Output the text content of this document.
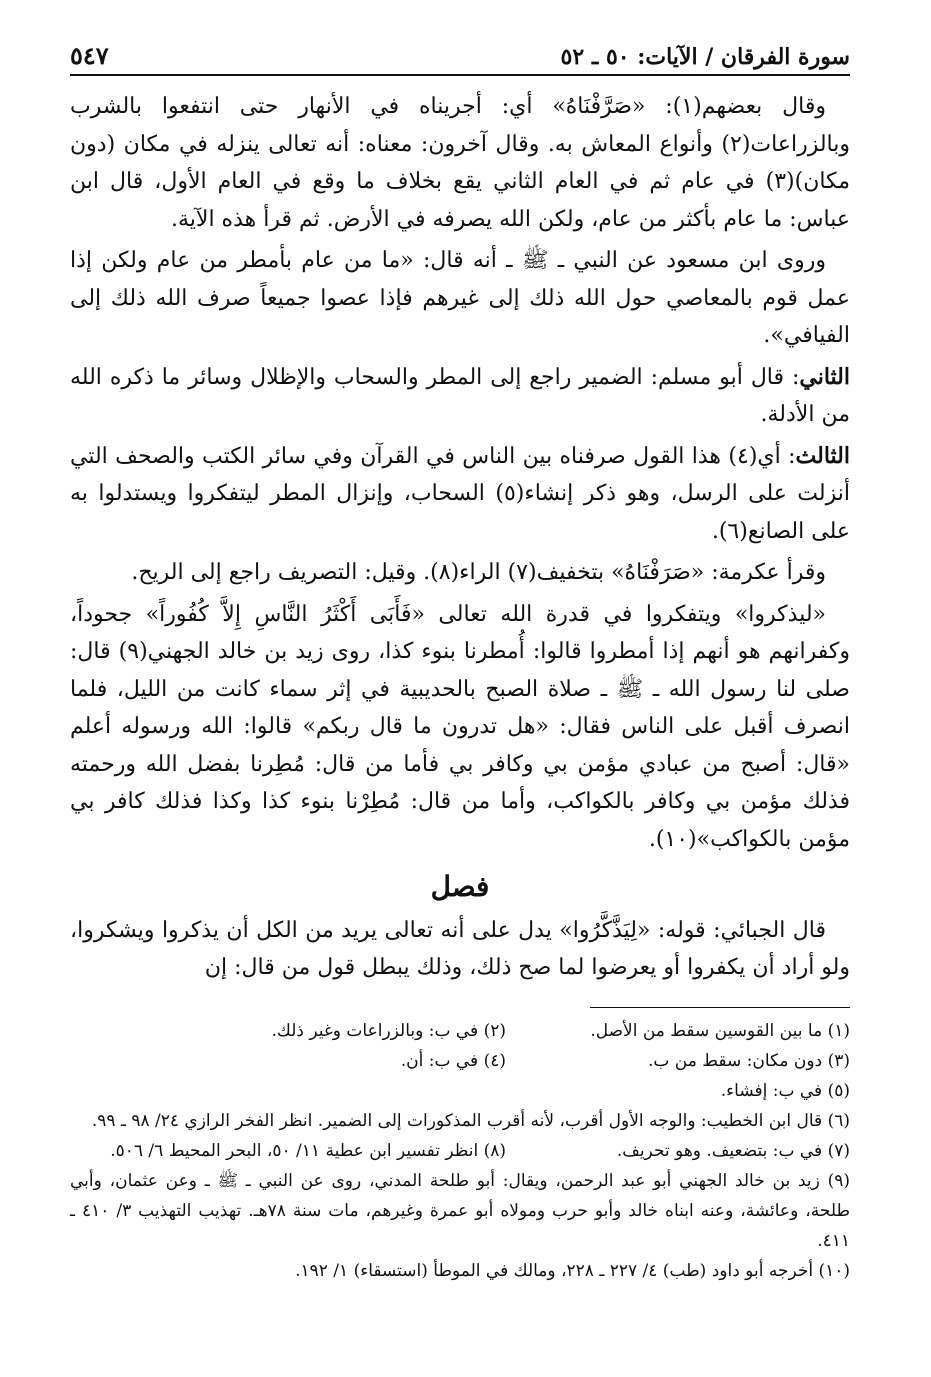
سورة الفرقان / الآيات: ٥٠ ـ ٥٢
٥٤٧

وقال بعضهم(١): «صَرَّفْنَاهُ» أي: أجريناه في الأنهار حتى انتفعوا بالشرب وبالزراعات(٢) وأنواع المعاش به. وقال آخرون: معناه: أنه تعالى ينزله في مكان (دون مكان)(٣) في عام ثم في العام الثاني يقع بخلاف ما وقع في العام الأول، قال ابن عباس: ما عام بأكثر من عام، ولكن الله يصرفه في الأرض. ثم قرأ هذه الآية.

وروى ابن مسعود عن النبي ـ ﷺ ـ أنه قال: «ما من عام بأمطر من عام ولكن إذا عمل قوم بالمعاصي حول الله ذلك إلى غيرهم فإذا عصوا جميعاً صرف الله ذلك إلى الفيافي».

الثاني: قال أبو مسلم: الضمير راجع إلى المطر والسحاب والإظلال وسائر ما ذكره الله من الأدلة.

الثالث: أي(٤) هذا القول صرفناه بين الناس في القرآن وفي سائر الكتب والصحف التي أنزلت على الرسل، وهو ذكر إنشاء(٥) السحاب، وإنزال المطر ليتفكروا ويستدلوا به على الصانع(٦).

وقرأ عكرمة: «صَرَفْنَاهُ» بتخفيف(٧) الراء(٨). وقيل: التصريف راجع إلى الريح.

«ليذكروا» ويتفكروا في قدرة الله تعالى «فَأَبَى أَكْثَرُ النَّاسِ إِلاَّ كُفُوراً» جحوداً، وكفرانهم هو أنهم إذا أمطروا قالوا: أُمطرنا بنوء كذا، روى زيد بن خالد الجهني(٩) قال: صلى لنا رسول الله ـ ﷺ ـ صلاة الصبح بالحديبية في إثر سماء كانت من الليل، فلما انصرف أقبل على الناس فقال: «هل تدرون ما قال ربكم» قالوا: الله ورسوله أعلم «قال: أصبح من عبادي مؤمن بي وكافر بي فأما من قال: مُطِرنا بفضل الله ورحمته فذلك مؤمن بي وكافر بالكواكب، وأما من قال: مُطِرْنا بنوء كذا وكذا فذلك كافر بي مؤمن بالكواكب»(١٠).

فصل

قال الجبائي: قوله: «لِيَذَّكَّرُوا» يدل على أنه تعالى يريد من الكل أن يذكروا ويشكروا، ولو أراد أن يكفروا أو يعرضوا لما صح ذلك، وذلك يبطل قول من قال: إن

(١) ما بين القوسين سقط من الأصل.

(٢) في ب: وبالزراعات وغير ذلك.

(٣) دون مكان: سقط من ب.

(٤) في ب: أن.

(٥) في ب: إفشاء.

(٦) قال ابن الخطيب: والوجه الأول أقرب، لأنه أقرب المذكورات إلى الضمير. انظر الفخر الرازي ٢٤/ ٩٨ ـ ٩٩.

(٧) في ب: بتضعيف. وهو تحريف.

(٨) انظر تفسير ابن عطية ١١/ ٥٠، البحر المحيط ٦/ ٥٠٦.

(٩) زيد بن خالد الجهني أبو عبد الرحمن، ويقال: أبو طلحة المدني، روى عن النبي ـ ﷺ ـ وعن عثمان، وأبي طلحة، وعائشة، وعنه ابناه خالد وأبو حرب ومولاه أبو عمرة وغيرهم، مات سنة ٧٨هـ. تهذيب التهذيب ٣/ ٤١٠ ـ ٤١١.

(١٠) أخرجه أبو داود (طب) ٤/ ٢٢٧ ـ ٢٢٨، ومالك في الموطأ (استسقاء) ١/ ١٩٢.
